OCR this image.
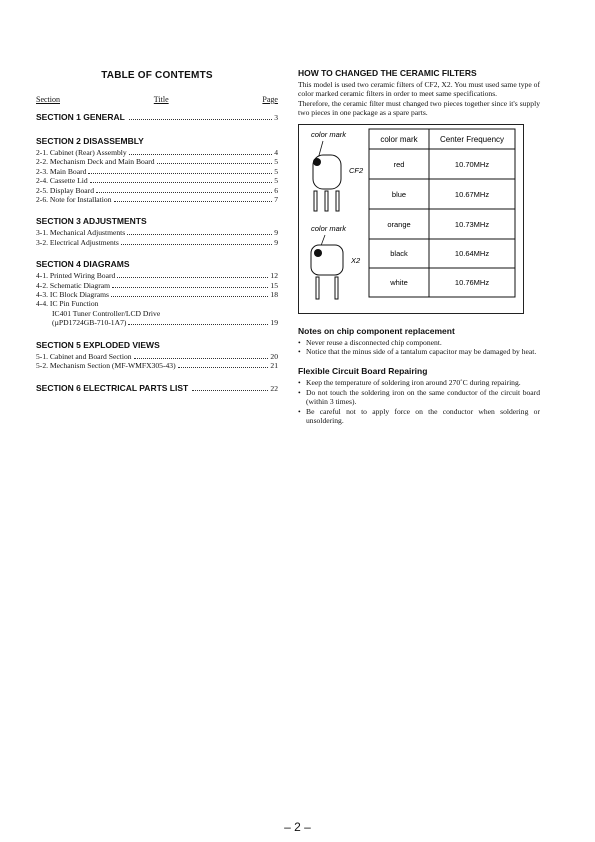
TABLE OF CONTEMTS
Section	Title	Page
SECTION 1 GENERAL	3
SECTION 2 DISASSEMBLY
2-1. Cabinet (Rear) Assembly	4
2-2. Mechanism Deck and Main Board	5
2-3. Main Board	5
2-4. Cassette Lid	5
2-5. Display Board	6
2-6. Note for Installation	7
SECTION 3 ADJUSTMENTS
3-1. Mechanical Adjustments	9
3-2. Electrical Adjustments	9
SECTION 4 DIAGRAMS
4-1. Printed Wiring Board	12
4-2. Schematic Diagram	15
4-3. IC Block Diagrams	18
4-4. IC Pin Function
IC401 Tuner Controller/LCD Drive
(µPD1724GB-710-1A7)	19
SECTION 5 EXPLODED VIEWS
5-1. Cabinet and Board Section	20
5-2. Mechanism Section (MF-WMFX305-43)	21
SECTION 6 ELECTRICAL PARTS LIST	22
HOW TO CHANGED THE CERAMIC FILTERS

This model is used two ceramic filters of CF2, X2. You must used same type of color marked ceramic filters in order to meet same specifications.

Therefore, the ceramic filter must changed two pieces together since it's supply two pieces in one package as a spare parts.

color mark
CF2
color mark
X2
color mark	Center Frequency
red	10.70MHz
blue	10.67MHz
orange	10.73MHz
black	10.64MHz
white	10.76MHz
Notes on chip component replacement
• Never reuse a disconnected chip component.
• Notice that the minus side of a tantalum capacitor may be damaged by heat.
Flexible Circuit Board Repairing
• Keep the temperature of soldering iron around 270˚C during repairing.
• Do not touch the soldering iron on the same conductor of the circuit board (within 3 times).
• Be careful not to apply force on the conductor when soldering or unsoldering.
– 2 –
